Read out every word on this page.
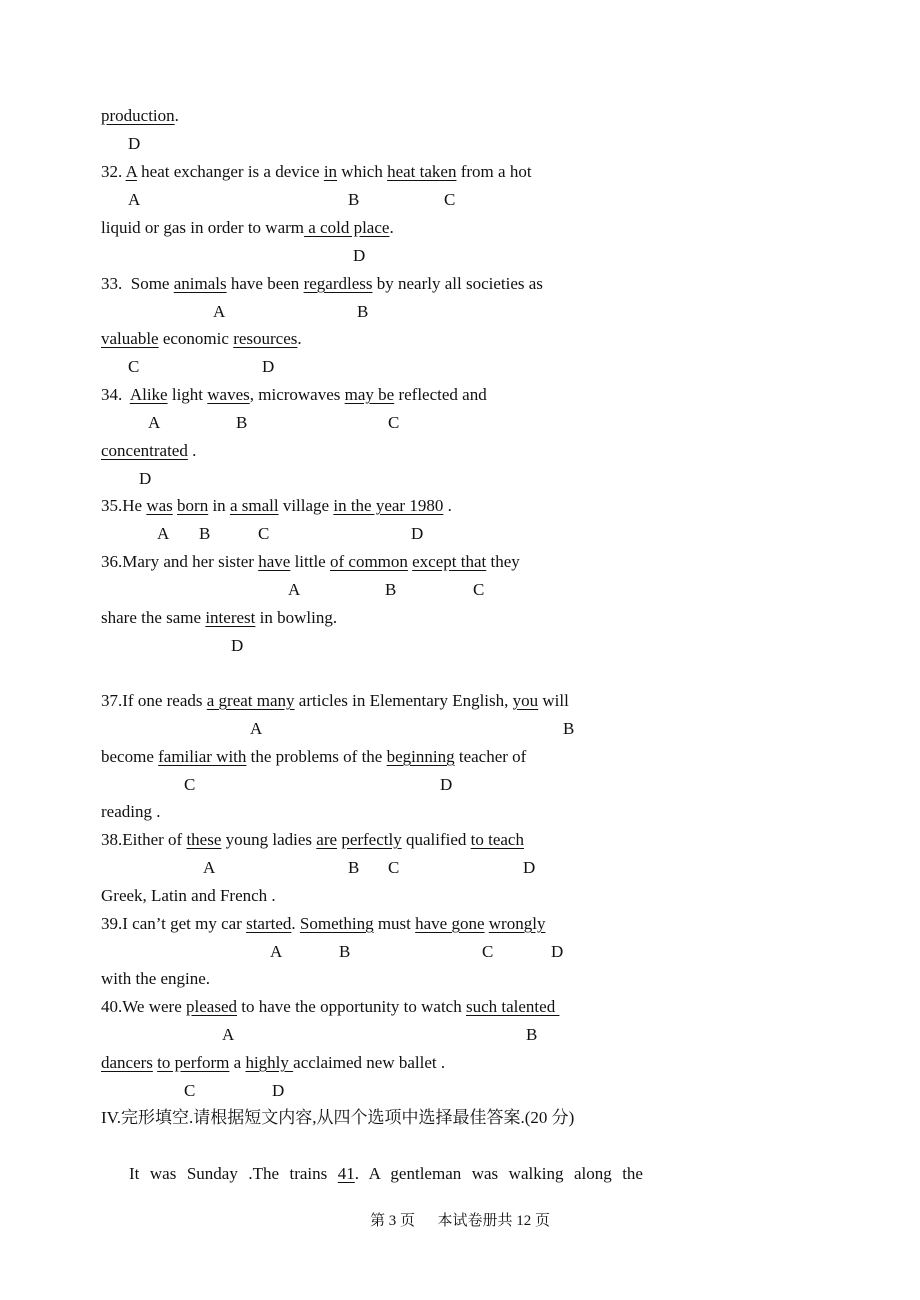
production.
D
32. A heat exchanger is a device in which heat taken from a hot
A	B	C
liquid or gas in order to warm a cold place.
D
33.  Some animals have been regardless by nearly all societies as
A	B
valuable economic resources.
C	D
34.  Alike light waves, microwaves may be reflected and
A	B	C
concentrated .
D
35.He was born in a small village in the year 1980 .
A B	C	D
36.Mary and her sister have little of common except that they
A	B	C
share the same interest in bowling.
D
37.If one reads a great many articles in Elementary English, you will
A	B
become familiar with the problems of the beginning teacher of
C	D
reading .
38.Either of these young ladies are perfectly qualified to teach
A	B C	D
Greek, Latin and French .
39.I can’t get my car started. Something must have gone wrongly
A	B	C	D
with the engine.
40.We were pleased to have the opportunity to watch such talented
A	B
dancers to perform a highly acclaimed new ballet .
C	D
IV.完形填空.请根据短文内容,从四个选项中选择最佳答案.(20 分)
It  was  Sunday  .The  trains  41.  A  gentleman  was  walking  along  the
第 3 页 本试卷册共 12 页
